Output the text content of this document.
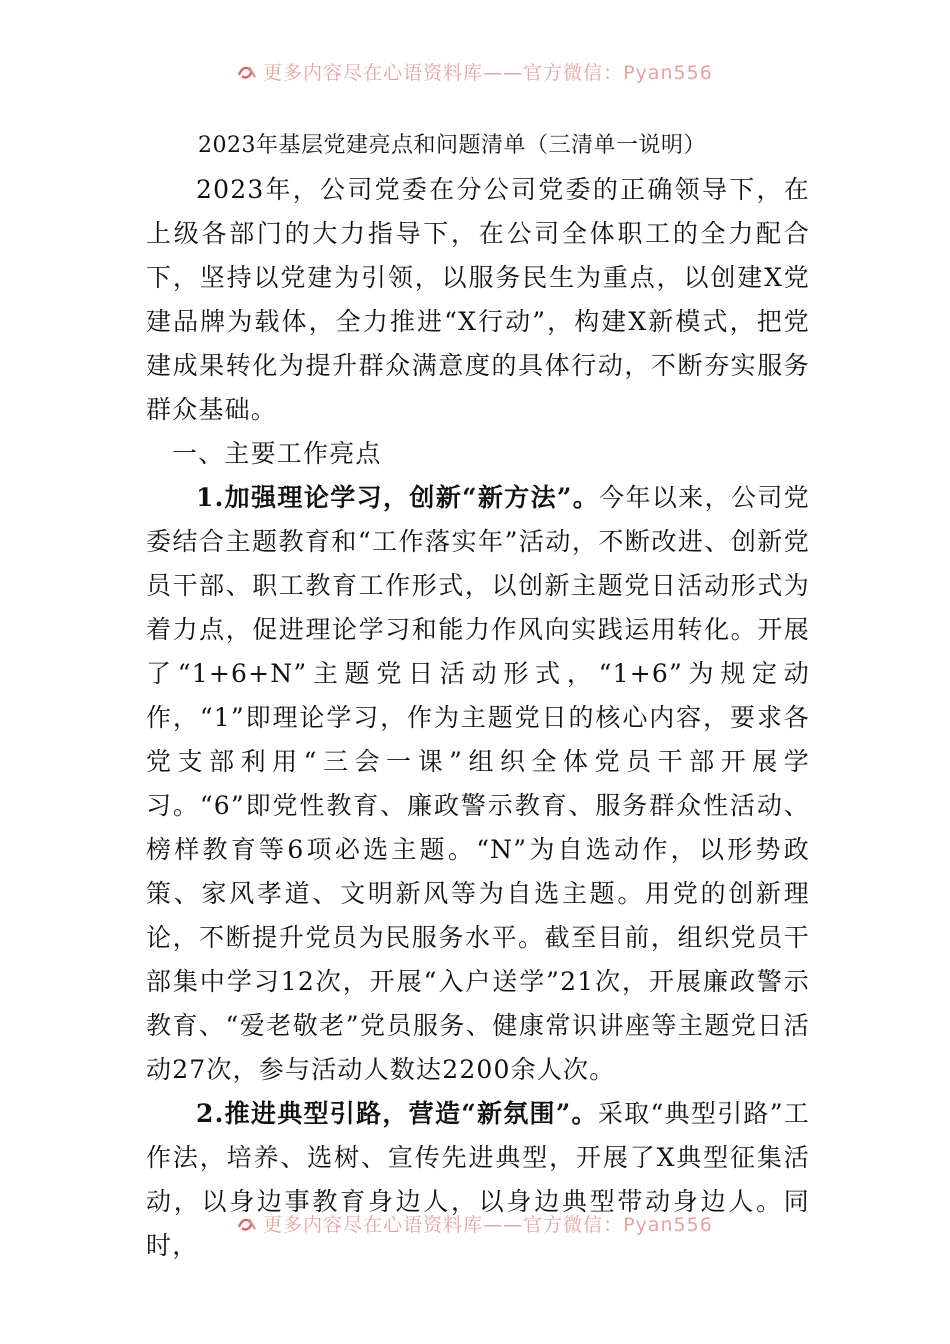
更多内容尽在心语资料库——官方微信：Pyan556
2023年基层党建亮点和问题清单（三清单一说明）

2023年，公司党委在分公司党委的正确领导下，在上级各部门的大力指导下，在公司全体职工的全力配合下，坚持以党建为引领，以服务民生为重点，以创建X党建品牌为载体，全力推进“X行动”，构建X新模式，把党建成果转化为提升群众满意度的具体行动，不断夯实服务群众基础。

一、主要工作亮点

1.加强理论学习，创新“新方法”。今年以来，公司党委结合主题教育和“工作落实年”活动，不断改进、创新党员干部、职工教育工作形式，以创新主题党日活动形式为着力点，促进理论学习和能力作风向实践运用转化。开展了“1+6+N”主题党日活动形式，“1+6”为规定动作，“1”即理论学习，作为主题党日的核心内容，要求各党支部利用“三会一课”组织全体党员干部开展学习。“6”即党性教育、廉政警示教育、服务群众性活动、榜样教育等6项必选主题。“N”为自选动作，以形势政策、家风孝道、文明新风等为自选主题。用党的创新理论，不断提升党员为民服务水平。截至目前，组织党员干部集中学习12次，开展“入户送学”21次，开展廉政警示教育、“爱老敬老”党员服务、健康常识讲座等主题党日活动27次，参与活动人数达2200余人次。

2.推进典型引路，营造“新氛围”。采取“典型引路”工作法，培养、选树、宣传先进典型，开展了X典型征集活动，以身边事教育身边人，以身边典型带动身边人。同时，

更多内容尽在心语资料库——官方微信：Pyan556
